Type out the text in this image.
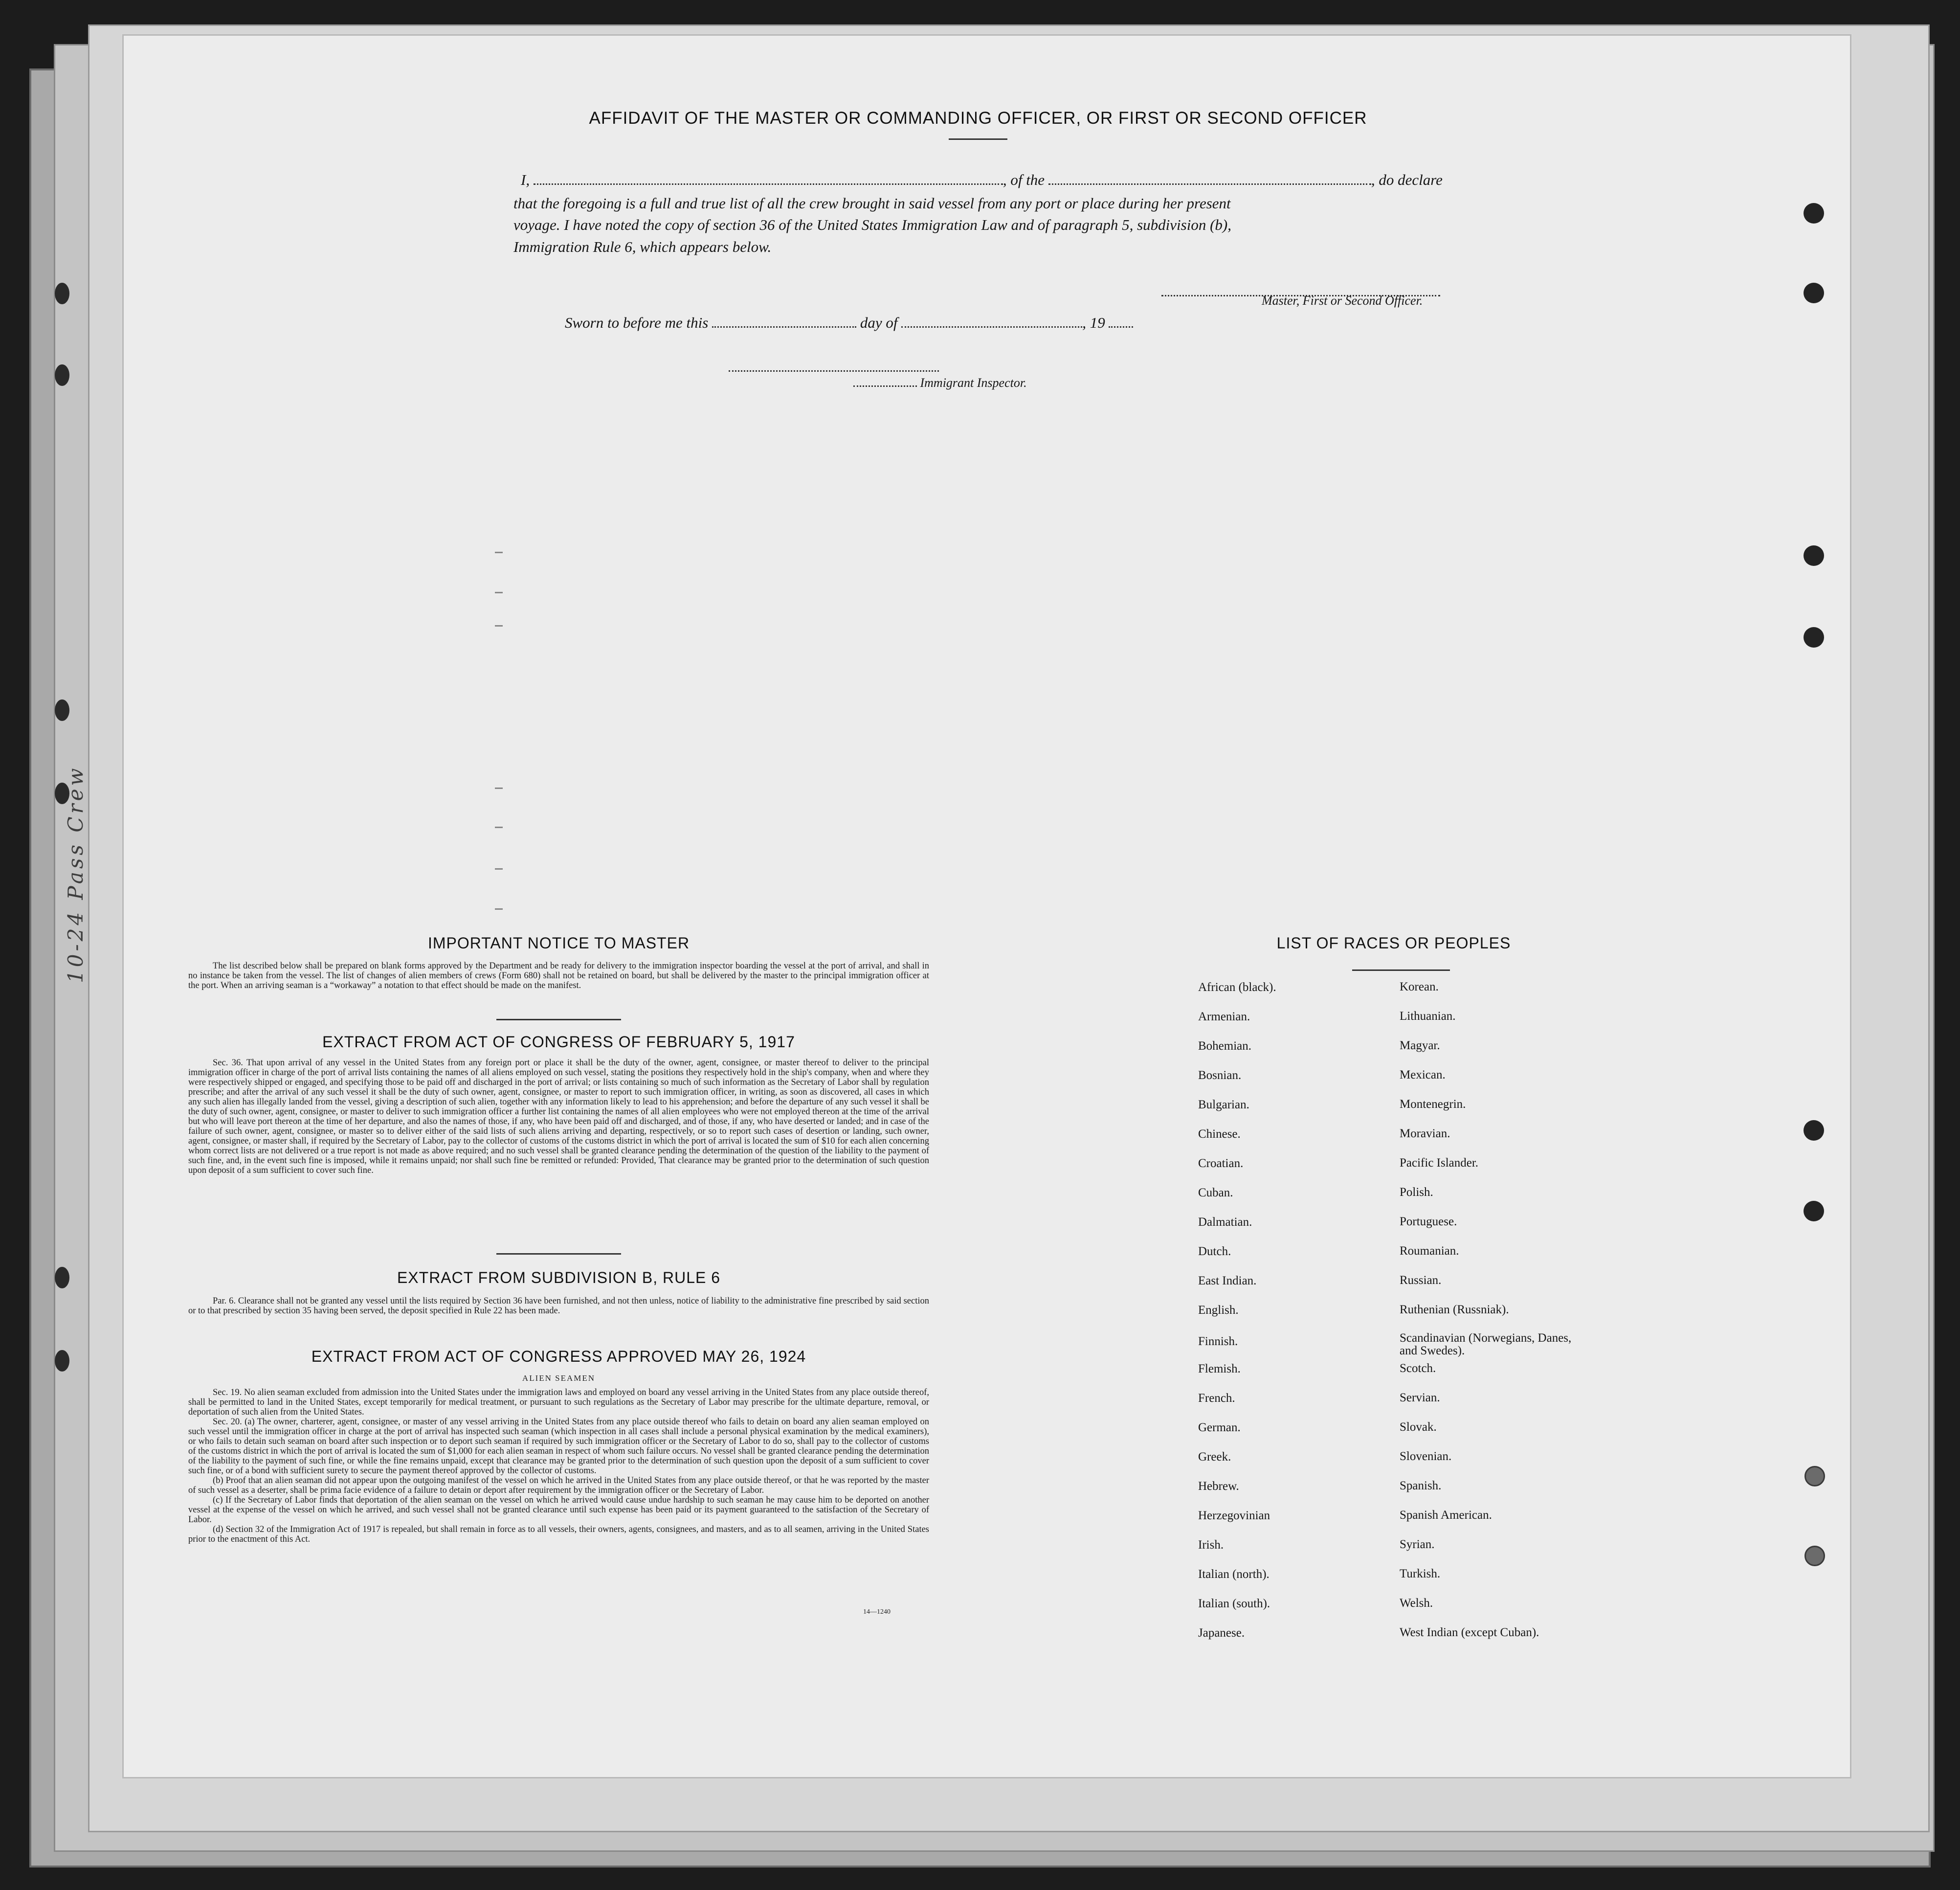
10-24 Pass Crew
AFFIDAVIT OF THE MASTER OR COMMANDING OFFICER, OR FIRST OR SECOND OFFICER
I,	, of the	, do declare
that the foregoing is a full and true list of all the crew brought in said vessel from any port or place during her present
voyage. I have noted the copy of section 36 of the United States Immigration Law and of paragraph 5, subdivision (b),
Immigration Rule 6, which appears below.
Master, First or Second Officer.
Sworn to before me this	day of	, 19
Immigrant Inspector.
IMPORTANT NOTICE TO MASTER

The list described below shall be prepared on blank forms approved by the Department and be ready for delivery to the immigration inspector boarding the vessel at the port of arrival, and shall in no instance be taken from the vessel. The list of changes of alien members of crews (Form 680) shall not be retained on board, but shall be delivered by the master to the principal immigration officer at the port. When an arriving seaman is a “workaway” a notation to that effect should be made on the manifest.

EXTRACT FROM ACT OF CONGRESS OF FEBRUARY 5, 1917

Sec. 36. That upon arrival of any vessel in the United States from any foreign port or place it shall be the duty of the owner, agent, consignee, or master thereof to deliver to the principal immigration officer in charge of the port of arrival lists containing the names of all aliens employed on such vessel, stating the positions they respectively hold in the ship's company, when and where they were respectively shipped or engaged, and specifying those to be paid off and discharged in the port of arrival; or lists containing so much of such information as the Secretary of Labor shall by regulation prescribe; and after the arrival of any such vessel it shall be the duty of such owner, agent, consignee, or master to report to such immigration officer, in writing, as soon as discovered, all cases in which any such alien has illegally landed from the vessel, giving a description of such alien, together with any information likely to lead to his apprehension; and before the departure of any such vessel it shall be the duty of such owner, agent, consignee, or master to deliver to such immigration officer a further list containing the names of all alien employees who were not employed thereon at the time of the arrival but who will leave port thereon at the time of her departure, and also the names of those, if any, who have been paid off and discharged, and of those, if any, who have deserted or landed; and in case of the failure of such owner, agent, consignee, or master so to deliver either of the said lists of such aliens arriving and departing, respectively, or so to report such cases of desertion or landing, such owner, agent, consignee, or master shall, if required by the Secretary of Labor, pay to the collector of customs of the customs district in which the port of arrival is located the sum of $10 for each alien concerning whom correct lists are not delivered or a true report is not made as above required; and no such vessel shall be granted clearance pending the determination of the question of the liability to the payment of such fine, and, in the event such fine is imposed, while it remains unpaid; nor shall such fine be remitted or refunded: Provided, That clearance may be granted prior to the determination of such question upon deposit of a sum sufficient to cover such fine.

EXTRACT FROM SUBDIVISION B, RULE 6

Par. 6. Clearance shall not be granted any vessel until the lists required by Section 36 have been furnished, and not then unless, notice of liability to the administrative fine prescribed by said section or to that prescribed by section 35 having been served, the deposit specified in Rule 22 has been made.

EXTRACT FROM ACT OF CONGRESS APPROVED MAY 26, 1924
ALIEN SEAMEN

Sec. 19. No alien seaman excluded from admission into the United States under the immigration laws and employed on board any vessel arriving in the United States from any place outside thereof, shall be permitted to land in the United States, except temporarily for medical treatment, or pursuant to such regulations as the Secretary of Labor may prescribe for the ultimate departure, removal, or deportation of such alien from the United States.

Sec. 20. (a) The owner, charterer, agent, consignee, or master of any vessel arriving in the United States from any place outside thereof who fails to detain on board any alien seaman employed on such vessel until the immigration officer in charge at the port of arrival has inspected such seaman (which inspection in all cases shall include a personal physical examination by the medical examiners), or who fails to detain such seaman on board after such inspection or to deport such seaman if required by such immigration officer or the Secretary of Labor to do so, shall pay to the collector of customs of the customs district in which the port of arrival is located the sum of $1,000 for each alien seaman in respect of whom such failure occurs. No vessel shall be granted clearance pending the determination of the liability to the payment of such fine, or while the fine remains unpaid, except that clearance may be granted prior to the determination of such question upon the deposit of a sum sufficient to cover such fine, or of a bond with sufficient surety to secure the payment thereof approved by the collector of customs.

(b) Proof that an alien seaman did not appear upon the outgoing manifest of the vessel on which he arrived in the United States from any place outside thereof, or that he was reported by the master of such vessel as a deserter, shall be prima facie evidence of a failure to detain or deport after requirement by the immigration officer or the Secretary of Labor.

(c) If the Secretary of Labor finds that deportation of the alien seaman on the vessel on which he arrived would cause undue hardship to such seaman he may cause him to be deported on another vessel at the expense of the vessel on which he arrived, and such vessel shall not be granted clearance until such expense has been paid or its payment guaranteed to the satisfaction of the Secretary of Labor.

(d) Section 32 of the Immigration Act of 1917 is repealed, but shall remain in force as to all vessels, their owners, agents, consignees, and masters, and as to all seamen, arriving in the United States prior to the enactment of this Act.

14—1240
LIST OF RACES OR PEOPLES
African (black).	Korean.
Armenian.	Lithuanian.
Bohemian.	Magyar.
Bosnian.	Mexican.
Bulgarian.	Montenegrin.
Chinese.	Moravian.
Croatian.	Pacific Islander.
Cuban.	Polish.
Dalmatian.	Portuguese.
Dutch.	Roumanian.
East Indian.	Russian.
English.	Ruthenian (Russniak).
Finnish.	Scandinavian (Norwegians, Danes, and Swedes).
Flemish.	Scotch.
French.	Servian.
German.	Slovak.
Greek.	Slovenian.
Hebrew.	Spanish.
Herzegovinian	Spanish American.
Irish.	Syrian.
Italian (north).	Turkish.
Italian (south).	Welsh.
Japanese.	West Indian (except Cuban).
